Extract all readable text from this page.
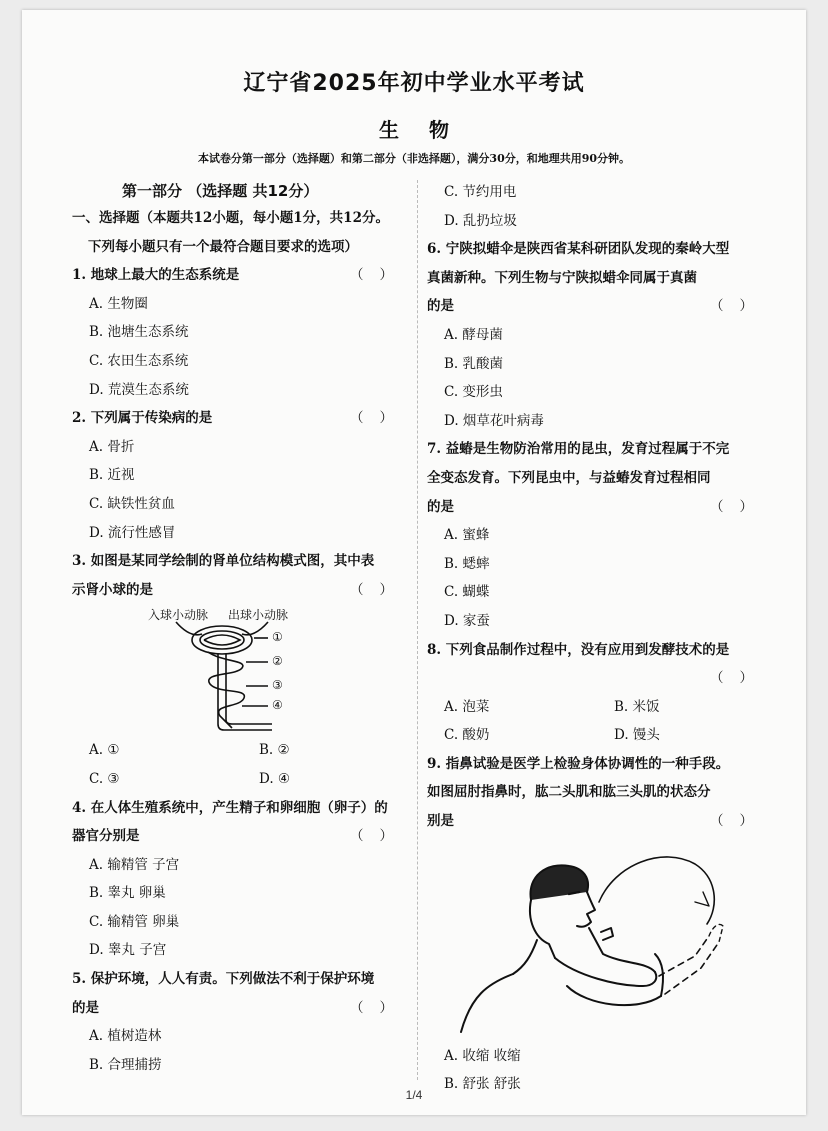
辽宁省2025年初中学业水平考试
生物
本试卷分第一部分（选择题）和第二部分（非选择题），满分30分，和地理共用90分钟。
第一部分 （选择题 共12分）
一、选择题（本题共12小题，每小题1分，共12分。
下列每小题只有一个最符合题目要求的选项）
1. 地球上最大的生态系统是	（）
A. 生物圈
B. 池塘生态系统
C. 农田生态系统
D. 荒漠生态系统
2. 下列属于传染病的是	（）
A. 骨折
B. 近视
C. 缺铁性贫血
D. 流行性感冒
3. 如图是某同学绘制的肾单位结构模式图，其中表
示肾小球的是	（）
入球小动脉 出球小动脉
①
②
③
④
A. ①	B. ②
C. ③	D. ④
4. 在人体生殖系统中，产生精子和卵细胞（卵子）的
器官分别是	（）
A. 输精管 子宫
B. 睾丸 卵巢
C. 输精管 卵巢
D. 睾丸 子宫
5. 保护环境，人人有责。下列做法不利于保护环境
的是	（）
A. 植树造林
B. 合理捕捞
C. 节约用电
D. 乱扔垃圾
6. 宁陕拟蜡伞是陕西省某科研团队发现的秦岭大型
真菌新种。下列生物与宁陕拟蜡伞同属于真菌
的是	（）
A. 酵母菌
B. 乳酸菌
C. 变形虫
D. 烟草花叶病毒
7. 益蝽是生物防治常用的昆虫，发育过程属于不完
全变态发育。下列昆虫中，与益蝽发育过程相同
的是	（）
A. 蜜蜂
B. 蟋蟀
C. 蝴蝶
D. 家蚕
8. 下列食品制作过程中，没有应用到发酵技术的是
（）
A. 泡菜	B. 米饭
C. 酸奶	D. 馒头
9. 指鼻试验是医学上检验身体协调性的一种手段。
如图屈肘指鼻时，肱二头肌和肱三头肌的状态分
别是	（）
A. 收缩 收缩
B. 舒张 舒张
1/4
